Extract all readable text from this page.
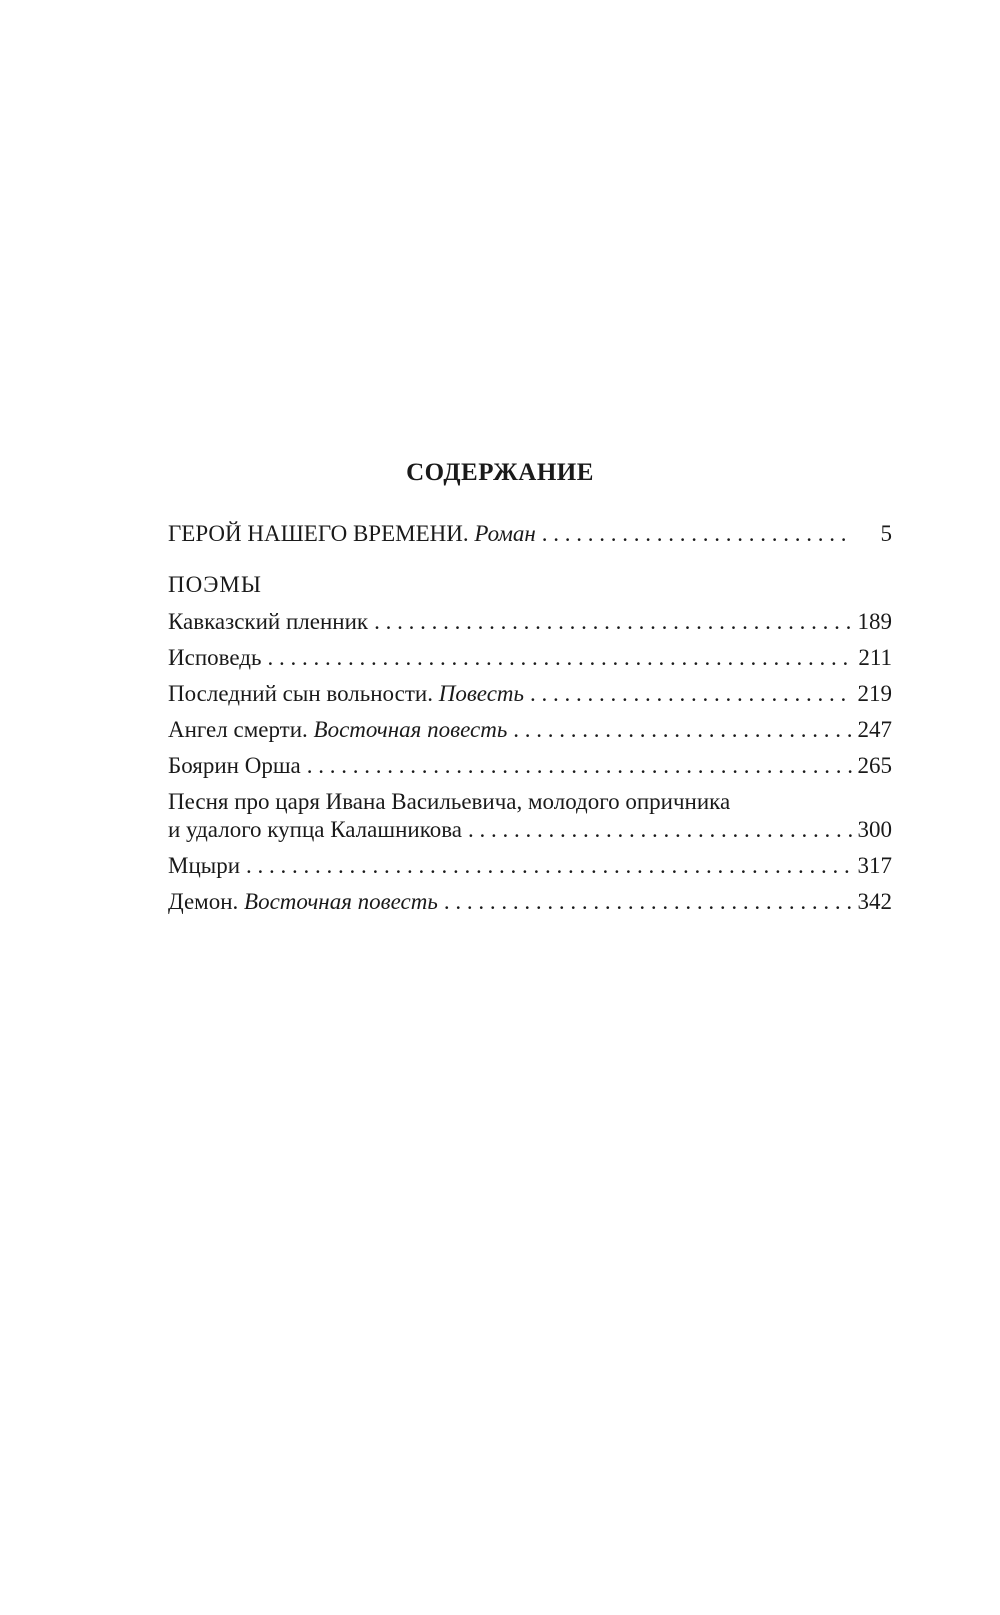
СОДЕРЖАНИЕ
ГЕРОЙ НАШЕГО ВРЕМЕНИ. Роман . . .	5
ПОЭМЫ
Кавказский пленник . . .	189
Исповедь . . .	211
Последний сын вольности. Повесть . . .	219
Ангел смерти. Восточная повесть . . .	247
Боярин Орша . . .	265
Песня про царя Ивана Васильевича, молодого опричника
и удалого купца Калашникова . . .	300
Мцыри . . .	317
Демон. Восточная повесть . . .	342
